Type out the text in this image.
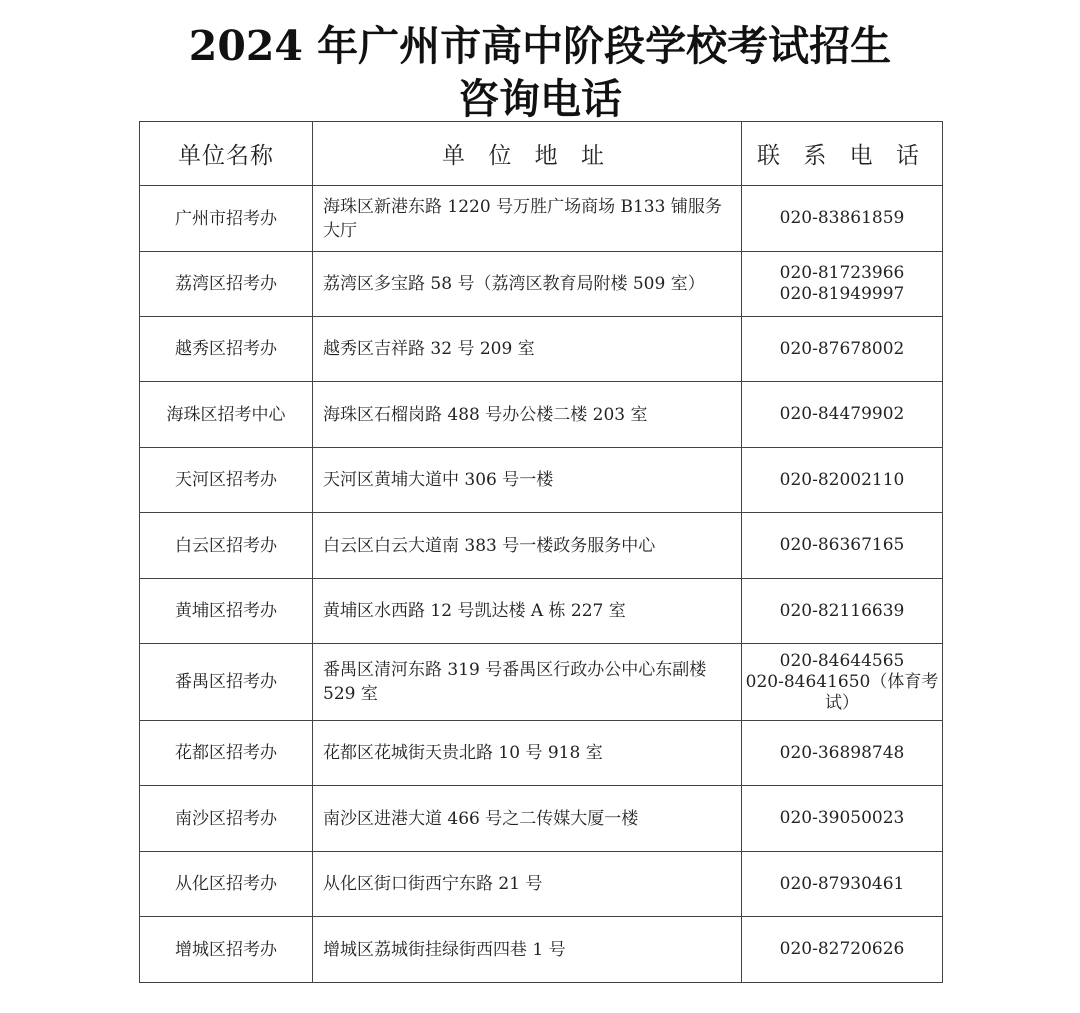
2024 年广州市高中阶段学校考试招生
咨询电话
单位名称	单 位 地 址	联 系 电 话
广州市招考办	海珠区新港东路 1220 号万胜广场商场 B133 铺服务大厅	020-83861859

荔湾区招考办	荔湾区多宝路 58 号（荔湾区教育局附楼 509 室）	020-81723966
020-81949997

越秀区招考办	越秀区吉祥路 32 号 209 室	020-87678002

海珠区招考中心	海珠区石榴岗路 488 号办公楼二楼 203 室	020-84479902

天河区招考办	天河区黄埔大道中 306 号一楼	020-82002110

白云区招考办	白云区白云大道南 383 号一楼政务服务中心	020-86367165

黄埔区招考办	黄埔区水西路 12 号凯达楼 A 栋 227 室	020-82116639

番禺区招考办	番禺区清河东路 319 号番禺区行政办公中心东副楼 529 室	020-84644565
020-84641650（体育考试）

花都区招考办	花都区花城街天贵北路 10 号 918 室	020-36898748

南沙区招考办	南沙区进港大道 466 号之二传媒大厦一楼	020-39050023

从化区招考办	从化区街口街西宁东路 21 号	020-87930461

增城区招考办	增城区荔城街挂绿街西四巷 1 号	020-82720626
